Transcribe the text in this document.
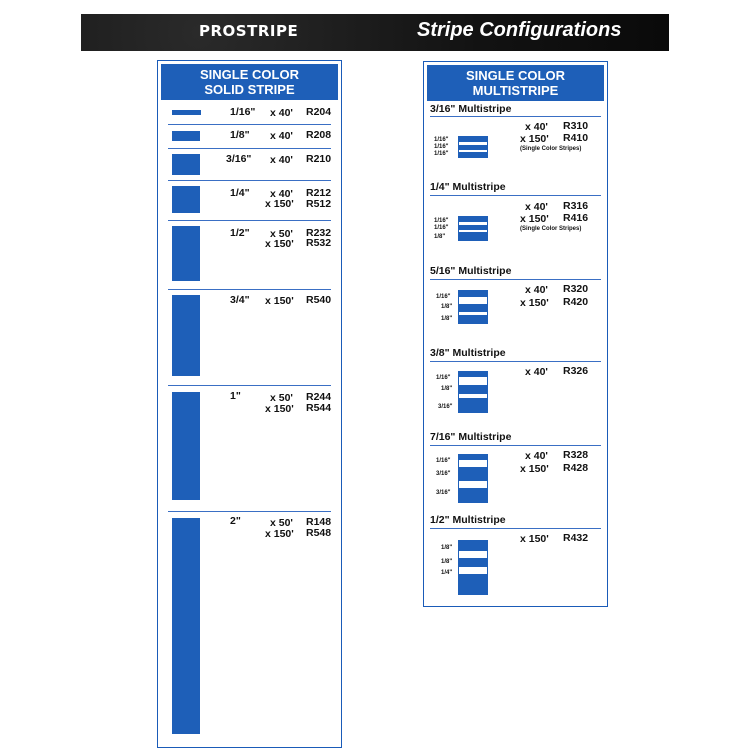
PROSTRIPE	Stripe Configurations
SINGLE COLOR
SOLID STRIPE
1/16" x 40' R204
1/8" x 40' R208
3/16" x 40' R210
1/4" x 40' R212
x 150' R512
1/2" x 50' R232
x 150' R532
3/4" x 150' R540
1"	x 50' R244
x 150' R544
2"	x 50' R148
x 150' R548
SINGLE COLOR
MULTISTRIPE
3/16" Multistripe
x 40' R310
x 150' R410
(Single Color Stripes)
1/16"
1/16"
1/16"
1/4" Multistripe
x 40' R316
x 150' R416
(Single Color Stripes)
1/16"
1/16"
1/8"
5/16" Multistripe
x 40' R320
x 150' R420
1/16"
1/8"
1/8"
3/8" Multistripe
x 40' R326
1/16"
1/8"
3/16"
7/16" Multistripe
x 40' R328
x 150' R428
1/16"
3/16"
3/16"
1/2" Multistripe
x 150' R432
1/8"
1/8"
1/4"
